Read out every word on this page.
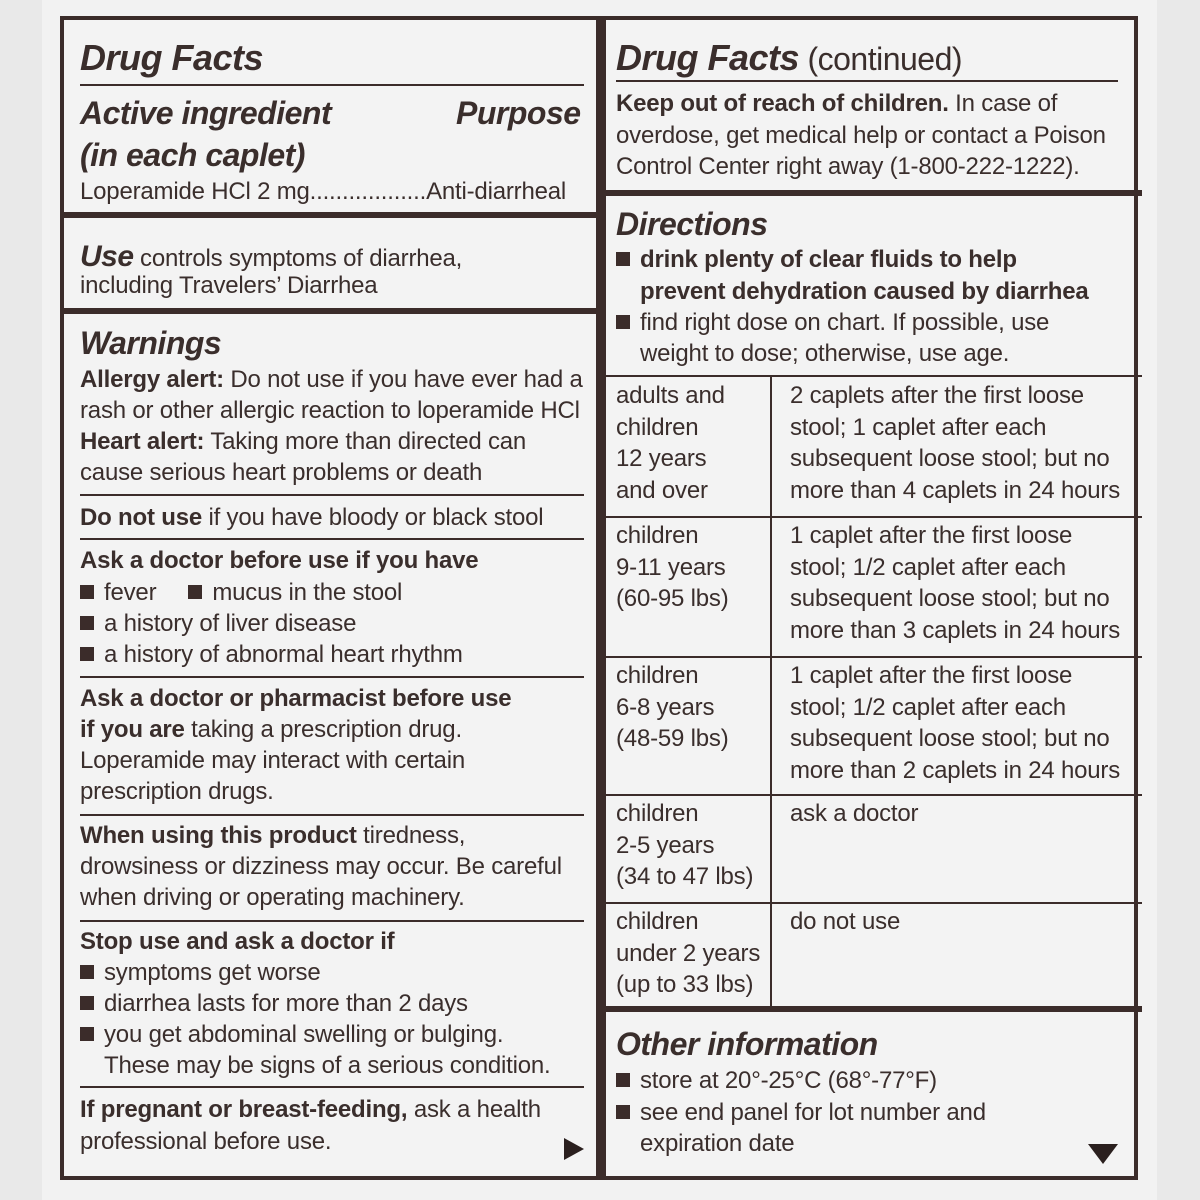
Drug Facts
Active ingredient
(in each caplet)
Purpose
Loperamide HCl 2 mg..................Anti-diarrheal
Use controls symptoms of diarrhea,
including Travelers’ Diarrhea
Warnings
Allergy alert: Do not use if you have ever had a
rash or other allergic reaction to loperamide HCl
Heart alert: Taking more than directed can
cause serious heart problems or death
Do not use if you have bloody or black stool
Ask a doctor before use if you have
fever mucus in the stool
a history of liver disease
a history of abnormal heart rhythm
Ask a doctor or pharmacist before use
if you are taking a prescription drug.
Loperamide may interact with certain
prescription drugs.
When using this product tiredness,
drowsiness or dizziness may occur. Be careful
when driving or operating machinery.
Stop use and ask a doctor if
symptoms get worse
diarrhea lasts for more than 2 days
you get abdominal swelling or bulging.
These may be signs of a serious condition.
If pregnant or breast-feeding, ask a health
professional before use.
Drug Facts (continued)
Keep out of reach of children. In case of
overdose, get medical help or contact a Poison
Control Center right away (1-800-222-1222).
Directions
drink plenty of clear fluids to help
prevent dehydration caused by diarrhea
find right dose on chart. If possible, use
weight to dose; otherwise, use age.
adults and
children
12 years
and over
2 caplets after the first loose
stool; 1 caplet after each
subsequent loose stool; but no
more than 4 caplets in 24 hours
children
9-11 years
(60-95 lbs)
1 caplet after the first loose
stool; 1/2 caplet after each
subsequent loose stool; but no
more than 3 caplets in 24 hours
children
6-8 years
(48-59 lbs)
1 caplet after the first loose
stool; 1/2 caplet after each
subsequent loose stool; but no
more than 2 caplets in 24 hours
children
2-5 years
(34 to 47 lbs)
ask a doctor
children
under 2 years
(up to 33 lbs)
do not use
Other information
store at 20°-25°C (68°-77°F)
see end panel for lot number and
expiration date
